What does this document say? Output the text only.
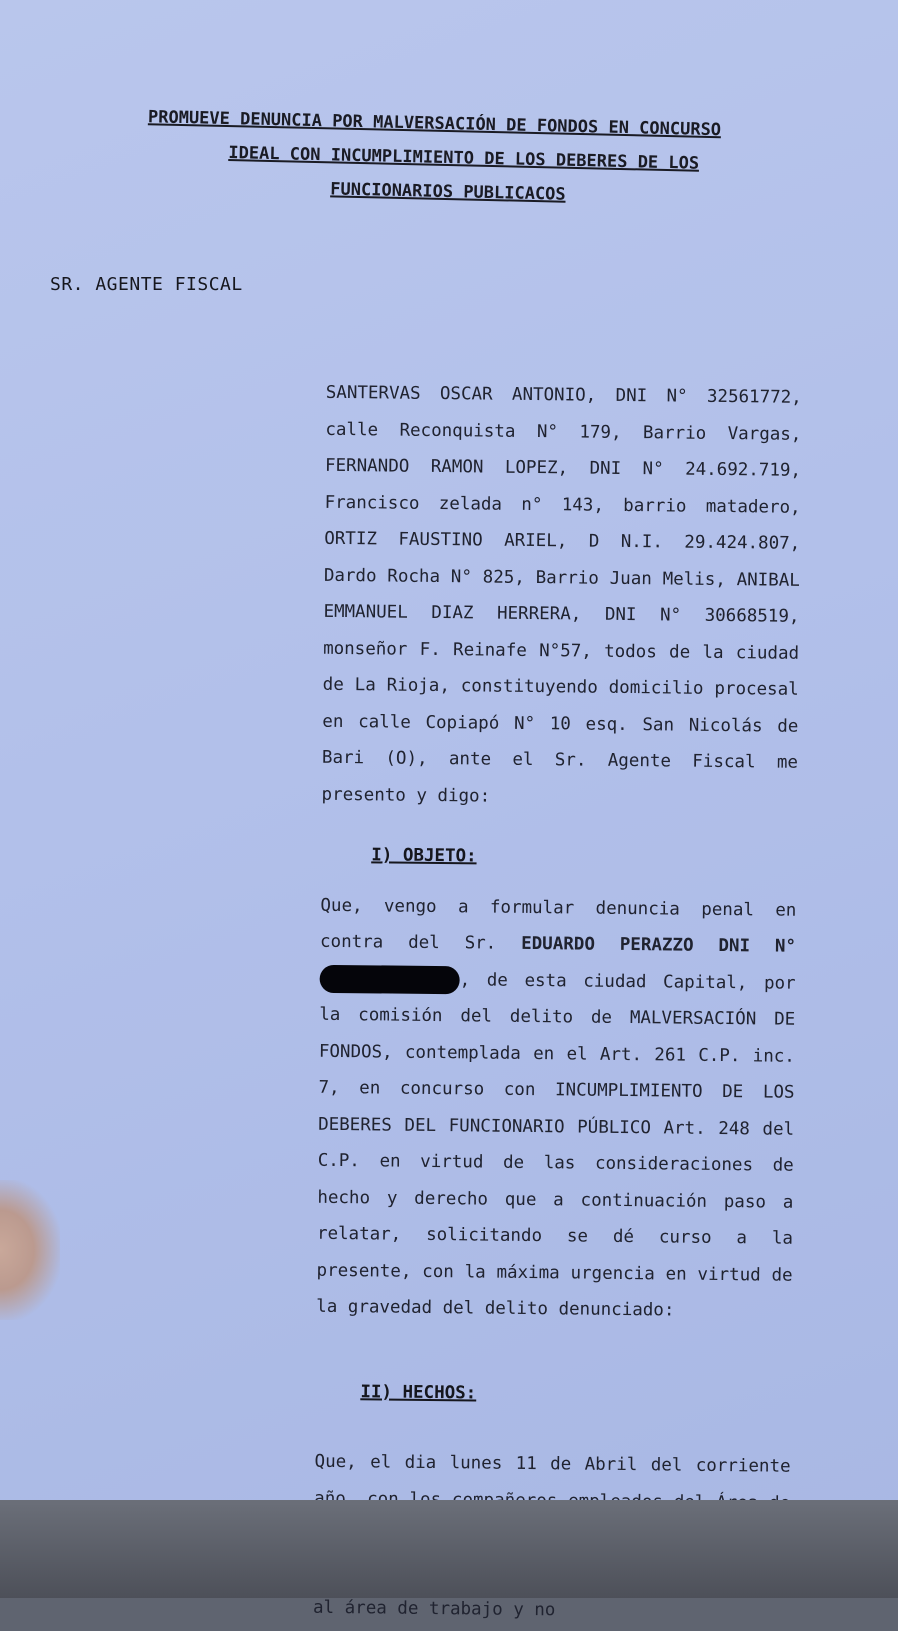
PROMUEVE DENUNCIA POR MALVERSACIÓN DE FONDOS EN CONCURSO
IDEAL CON INCUMPLIMIENTO DE LOS DEBERES DE LOS
FUNCIONARIOS PUBLICACOS
SR. AGENTE FISCAL

SANTERVAS OSCAR ANTONIO, DNI N° 32561772, calle Reconquista N° 179, Barrio Vargas, FERNANDO RAMON LOPEZ, DNI N° 24.692.719, Francisco zelada n° 143, barrio matadero, ORTIZ FAUSTINO ARIEL, D N.I. 29.424.807, Dardo Rocha N° 825, Barrio Juan Melis, ANIBAL EMMANUEL DIAZ HERRERA, DNI N° 30668519, monseñor F. Reinafe N°57, todos de la ciudad de La Rioja, constituyendo domicilio procesal en calle Copiapó N° 10 esq. San Nicolás de Bari (O), ante el Sr. Agente Fiscal me presento y digo:

I) OBJETO:

Que, vengo a formular denuncia penal en contra del Sr. EDUARDO PERAZZO DNI N° , de esta ciudad Capital, por la comisión del delito de MALVERSACIÓN DE FONDOS, contemplada en el Art. 261 C.P. inc. 7, en concurso con INCUMPLIMIENTO DE LOS DEBERES DEL FUNCIONARIO PÚBLICO Art. 248 del C.P. en virtud de las consideraciones de hecho y derecho que a continuación paso a relatar, solicitando se dé curso a la presente, con la máxima urgencia en virtud de la gravedad del delito denunciado:

II) HECHOS:

Que, el dia lunes 11 de Abril del corriente año, con al área de trabajo y no
